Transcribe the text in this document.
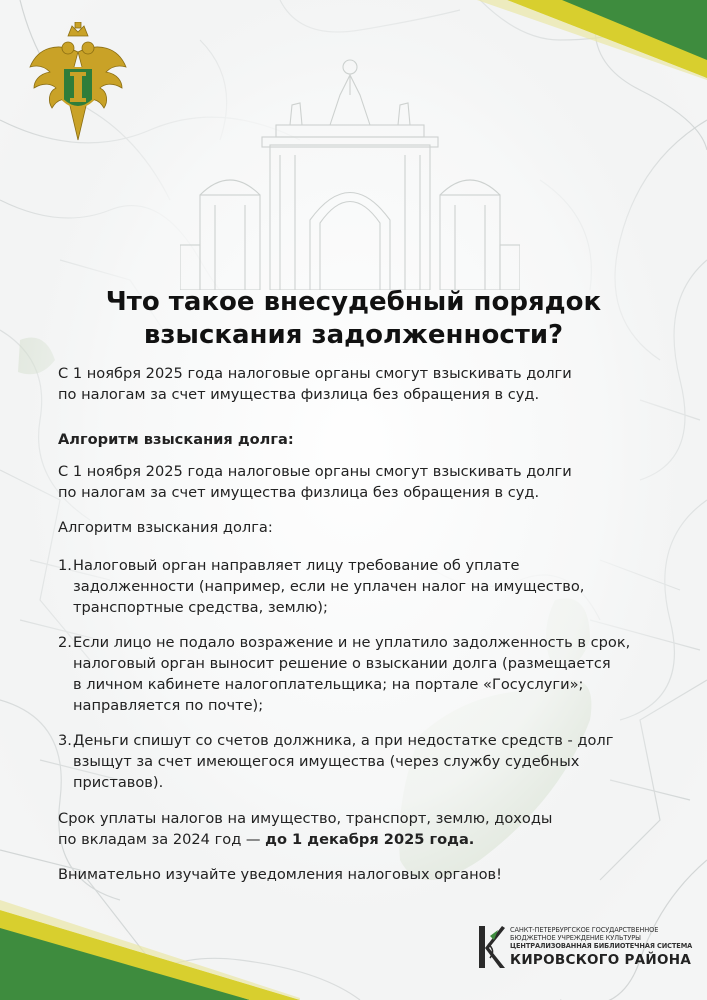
Что такое внесудебный порядок
взыскания задолженности?
С 1 ноября 2025 года налоговые органы смогут взыскивать долги
по налогам за счет имущества физлица без обращения в суд.
Алгоритм взыскания долга:
С 1 ноября 2025 года налоговые органы смогут взыскивать долги
по налогам за счет имущества физлица без обращения в суд.
Алгоритм взыскания долга:
1. Налоговый орган направляет лицу требование об уплате
задолженности (например, если не уплачен налог на имущество,
транспортные средства, землю);
2. Если лицо не подало возражение и не уплатило задолженность в срок,
налоговый орган выносит решение о взыскании долга (размещается
в личном кабинете налогоплательщика; на портале «Госуслуги»;
направляется по почте);
3. Деньги спишут со счетов должника, а при недостатке средств - долг
взыщут за счет имеющегося имущества (через службу судебных
приставов).
Срок уплаты налогов на имущество, транспорт, землю, доходы
по вкладам за 2024 год — до 1 декабря 2025 года.
Внимательно изучайте уведомления налоговых органов!
САНКТ-ПЕТЕРБУРГСКОЕ ГОСУДАРСТВЕННОЕ
БЮДЖЕТНОЕ УЧРЕЖДЕНИЕ КУЛЬТУРЫ
ЦЕНТРАЛИЗОВАННАЯ БИБЛИОТЕЧНАЯ СИСТЕМА
КИРОВСКОГО РАЙОНА
